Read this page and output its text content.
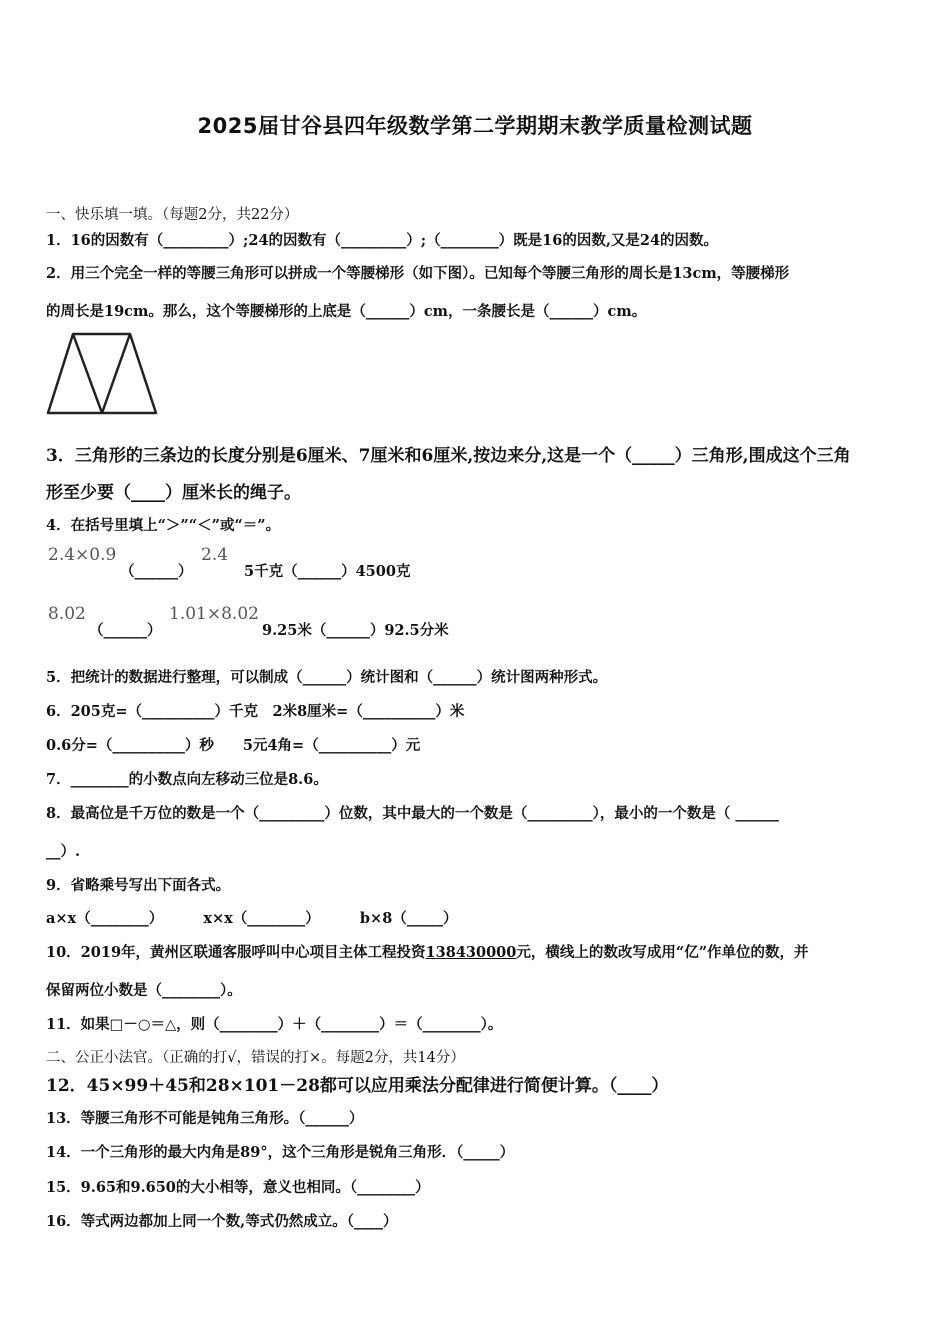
2025届甘谷县四年级数学第二学期期末教学质量检测试题
一、快乐填一填。（每题2分，共22分）
1．16的因数有（_________）;24的因数有（_________）;（________）既是16的因数,又是24的因数。
2．用三个完全一样的等腰三角形可以拼成一个等腰梯形（如下图）。已知每个等腰三角形的周长是13cm，等腰梯形
的周长是19cm。那么，这个等腰梯形的上底是（______）cm，一条腰长是（______）cm。
3．三角形的三条边的长度分别是6厘米、7厘米和6厘米,按边来分,这是一个（_____）三角形,围成这个三角
形至少要（____）厘米长的绳子。
4．在括号里填上“＞”“＜”或“＝”。
2.4×0.9
（______）
2.4
5千克（______）4500克
8.02
（______）
1.01×8.02
9.25米（______）92.5分米
5．把统计的数据进行整理，可以制成（______）统计图和（______）统计图两种形式。
6．205克=（__________）千克　2米8厘米=（__________）米
0.6分=（__________）秒　　5元4角=（__________）元
7．________的小数点向左移动三位是8.6。
8．最高位是千万位的数是一个（_________）位数，其中最大的一个数是（_________），最小的一个数是（ ______
__）.
9．省略乘号写出下面各式。
a×x（________）	x×x（________）	b×8（_____）
10．2019年，黄州区联通客服呼叫中心项目主体工程投资138430000元，横线上的数改写成用“亿”作单位的数，并
保留两位小数是（________）。
11．如果□－○＝△，则（________）＋（________）＝（________）。
二、公正小法官。（正确的打√，错误的打×。每题2分，共14分）
12．45×99＋45和28×101－28都可以应用乘法分配律进行简便计算。（____）
13．等腰三角形不可能是钝角三角形。（______）
14．一个三角形的最大内角是89°，这个三角形是锐角三角形．（_____）
15．9.65和9.650的大小相等，意义也相同。（________）
16．等式两边都加上同一个数,等式仍然成立。（____）
